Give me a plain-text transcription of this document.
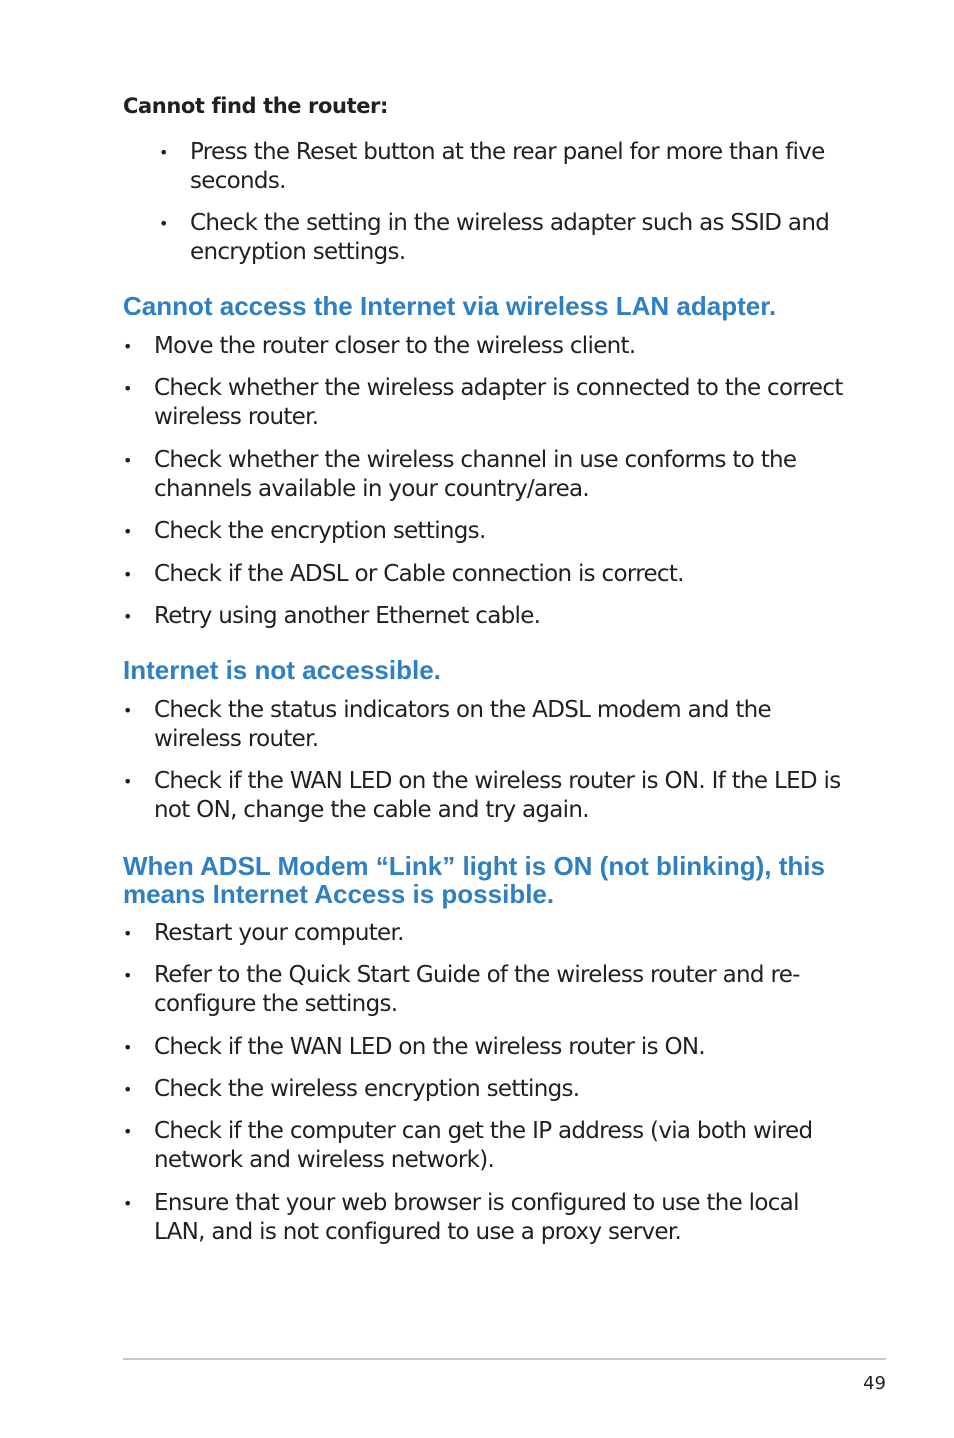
Cannot find the router:
• Press the Reset button at the rear panel for more than five seconds.
• Check the setting in the wireless adapter such as SSID and encryption settings.
Cannot access the Internet via wireless LAN adapter.
• Move the router closer to the wireless client.
• Check whether the wireless adapter is connected to the correct wireless router.
• Check whether the wireless channel in use conforms to the channels available in your country/area.
• Check the encryption settings.
• Check if the ADSL or Cable connection is correct.
• Retry using another Ethernet cable.
Internet is not accessible.
• Check the status indicators on the ADSL modem and the wireless router.
• Check if the WAN LED on the wireless router is ON. If the LED is not ON, change the cable and try again.
When ADSL Modem “Link” light is ON (not blinking), this means Internet Access is possible.
• Restart your computer.
• Refer to the Quick Start Guide of the wireless router and re-configure the settings.
• Check if the WAN LED on the wireless router is ON.
• Check the wireless encryption settings.
• Check if the computer can get the IP address (via both wired network and wireless network).
• Ensure that your web browser is configured to use the local LAN, and is not configured to use a proxy server.
49
